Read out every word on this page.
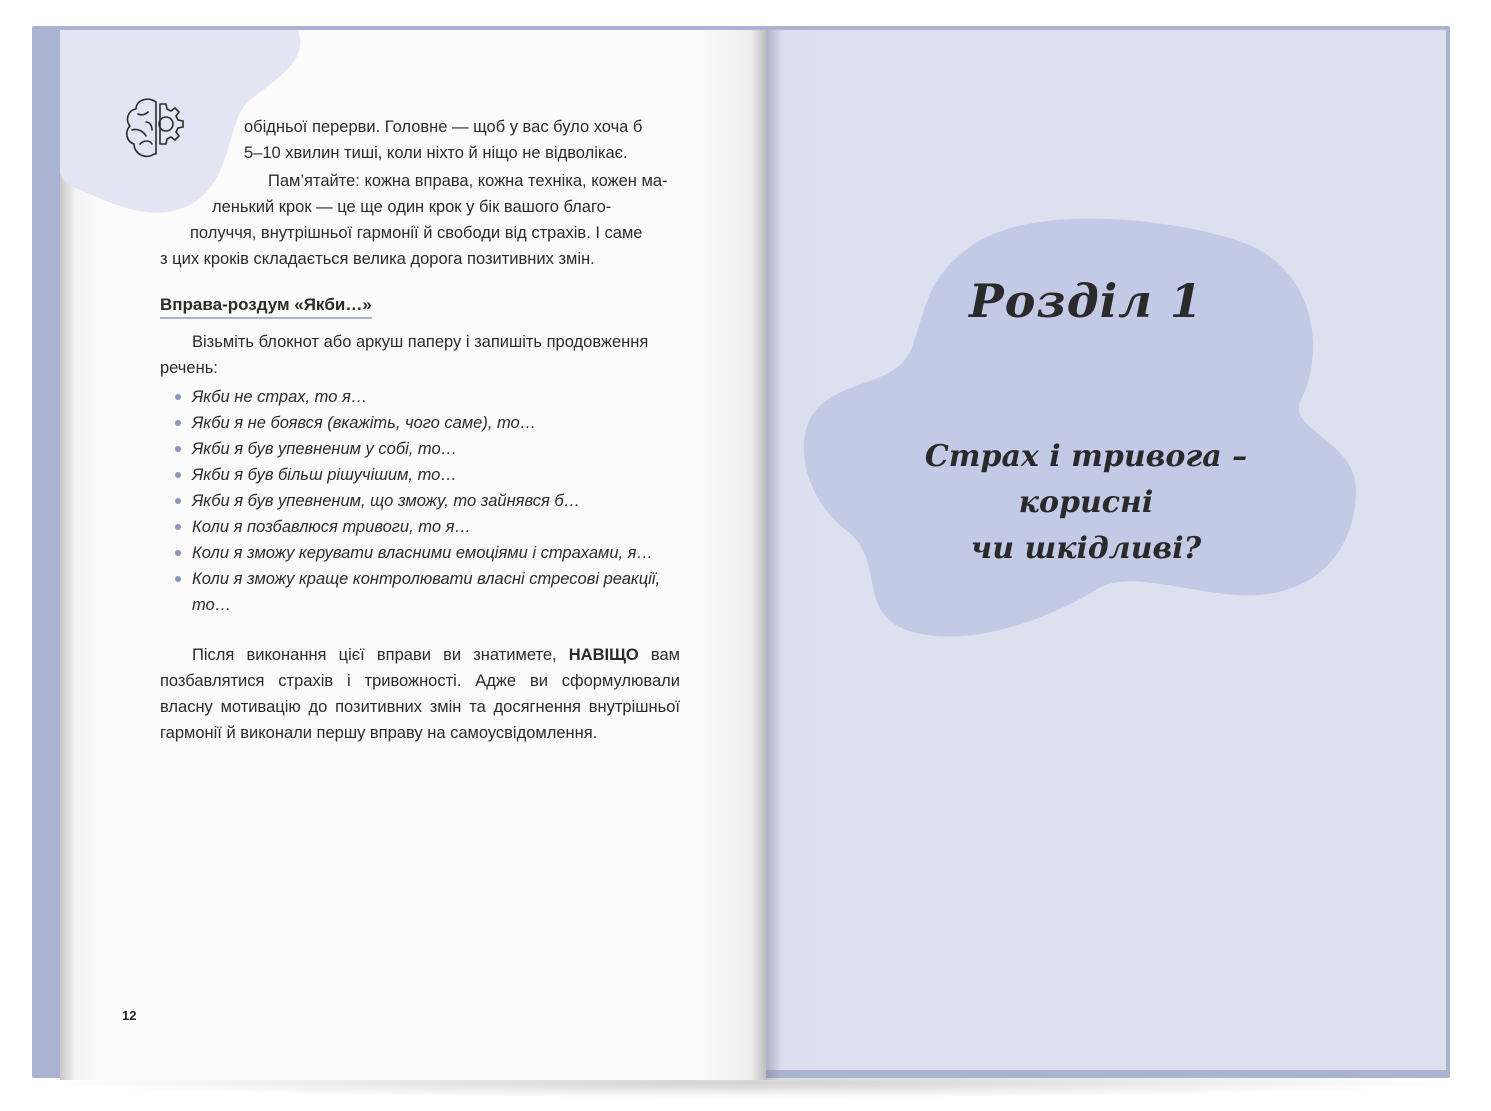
обідньої перерви. Головне — щоб у вас було хоча б
5–10 хвилин тиші, коли ніхто й ніщо не відволікає.
Пам’ятайте: кожна вправа, кожна техніка, кожен ма-
ленький крок — це ще один крок у бік вашого благо-
получчя, внутрішньої гармонії й свободи від страхів. І саме
з цих кроків складається велика дорога позитивних змін.
Вправа-роздум «Якби…»
Візьміть блокнот або аркуш паперу і запишіть продовження
речень:
Якби не страх, то я…
Якби я не боявся (вкажіть, чого саме), то…
Якби я був упевненим у собі, то…
Якби я був більш рішучішим, то…
Якби я був упевненим, що зможу, то зайнявся б…
Коли я позбавлюся тривоги, то я…
Коли я зможу керувати власними емоціями і страхами, я…
Коли я зможу краще контролювати власні стресові реакції,
то…
Після виконання цієї вправи ви знатимете, НАВІЩО вам позбавлятися страхів і тривожності. Адже ви сформулювали власну мотивацію до позитивних змін та досягнення внутрішньої гармонії й виконали першу вправу на самоусвідомлення.
12
Розділ 1
Страх і тривога – корисні
чи шкідливі?
